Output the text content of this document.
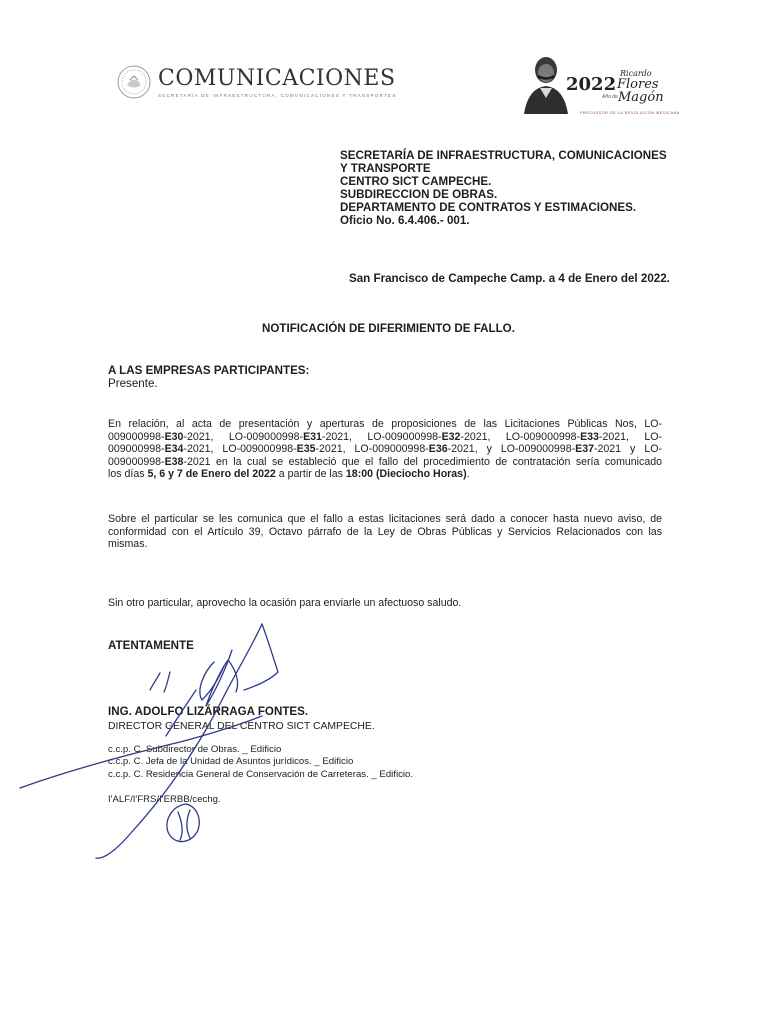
COMUNICACIONES
SECRETARÍA DE INFRAESTRUCTURA, COMUNICACIONES Y TRANSPORTES
2022
Ricardo
Flores
Año de Magón
PRECURSOR DE LA REVOLUCIÓN MEXICANA
SECRETARÍA DE INFRAESTRUCTURA, COMUNICACIONES
Y TRANSPORTE
CENTRO SICT CAMPECHE.
SUBDIRECCION DE OBRAS.
DEPARTAMENTO DE CONTRATOS Y ESTIMACIONES.
Oficio No. 6.4.406.- 001.
San Francisco de Campeche Camp. a 4 de Enero del 2022.
NOTIFICACIÓN DE DIFERIMIENTO DE FALLO.
A LAS EMPRESAS PARTICIPANTES:
Presente.
En relación, al acta de presentación y aperturas de proposiciones de las Licitaciones Públicas Nos, LO-
009000998-E30-2021, LO-009000998-E31-2021, LO-009000998-E32-2021, LO-009000998-E33-2021, LO-
009000998-E34-2021, LO-009000998-E35-2021, LO-009000998-E36-2021, y LO-009000998-E37-2021 y LO-
009000998-E38-2021 en la cual se estableció que el fallo del procedimiento de contratación sería comunicado
los días 5, 6 y 7 de Enero del 2022 a partir de las 18:00 (Dieciocho Horas).
Sobre el particular se les comunica que el fallo a estas licitaciones será dado a conocer hasta nuevo aviso, de
conformidad con el Artículo 39, Octavo párrafo de la Ley de Obras Públicas y Servicios Relacionados con las
mismas.
Sin otro particular, aprovecho la ocasión para enviarle un afectuoso saludo.
ATENTAMENTE
ING. ADOLFO LIZÁRRAGA FONTES.
DIRECTOR GENERAL DEL CENTRO SICT CAMPECHE.
c.c.p. C. Subdirector de Obras. _ Edificio
c.c.p. C. Jefa de la Unidad de Asuntos jurídicos. _ Edificio
c.c.p. C. Residencia General de Conservación de Carreteras. _ Edificio.
I'ALF/I'FRS/I'ERBB/cechg.
